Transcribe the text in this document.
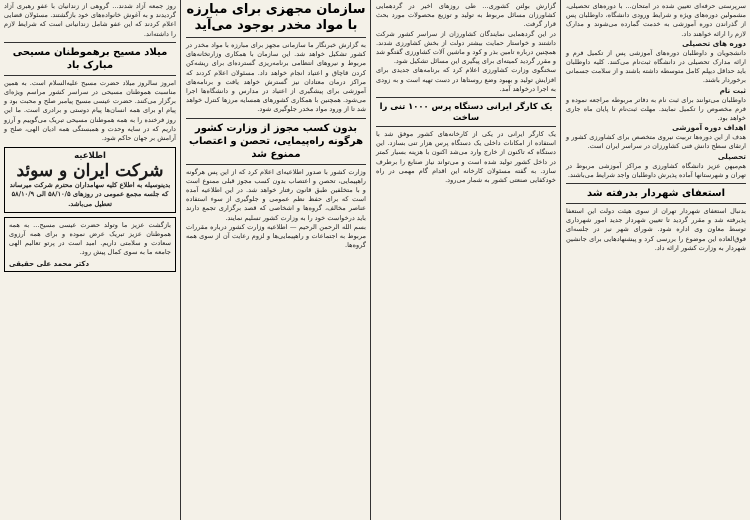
سرپرستی حرفه‌ای تعیین شده در امتحان... با دوره‌های تحصیلی، مشمولین دوره‌های ویژه و شرایط ورودی دانشگاه، داوطلبان پس از گذراندن دوره آموزشی به خدمت گمارده می‌شوند و مدارک لازم را ارائه خواهند داد.
دوره های تحصیلی
دانشجویان و داوطلبان دوره‌های آموزشی پس از تکمیل فرم و ارائه مدارک تحصیلی در دانشگاه ثبت‌نام می‌کنند. کلیه داوطلبان باید حداقل دیپلم کامل متوسطه داشته باشند و از سلامت جسمانی برخوردار باشند.
ثبت نام
داوطلبان می‌توانند برای ثبت نام به دفاتر مربوطه مراجعه نموده و فرم مخصوص را تکمیل نمایند. مهلت ثبت‌نام تا پایان ماه جاری خواهد بود.
اهداف دوره آموزشی
هدف از این دوره‌ها تربیت نیروی متخصص برای کشاورزی کشور و ارتقای سطح دانش فنی کشاورزان در سراسر ایران است.
تحصیلی
هم‌میهن عزیز دانشگاه کشاورزی و مراکز آموزشی مربوط در تهران و شهرستانها آماده پذیرش داوطلبان واجد شرایط می‌باشند.
استعفای شهردار بدرفته شد
بدنبال استعفای شهردار تهران از سوی هیئت دولت این استعفا پذیرفته شد و مقرر گردید تا تعیین شهردار جدید امور شهرداری توسط معاون وی اداره شود. شورای شهر نیز در جلسه‌ای فوق‌العاده این موضوع را بررسی کرد و پیشنهادهایی برای جانشین شهردار به وزارت کشور ارائه داد.
گزارش بولتن کشوری... طی روزهای اخیر در گردهمایی کشاورزان مسائل مربوط به تولید و توزیع محصولات مورد بحث قرار گرفت.
در این گردهمایی نمایندگان کشاورزان از سراسر کشور شرکت داشتند و خواستار حمایت بیشتر دولت از بخش کشاورزی شدند. همچنین درباره تامین بذر و کود و ماشین آلات کشاورزی گفتگو شد و مقرر گردید کمیته‌ای برای پیگیری این مسائل تشکیل شود.
سخنگوی وزارت کشاورزی اعلام کرد که برنامه‌های جدیدی برای افزایش تولید و بهبود وضع روستاها در دست تهیه است و به زودی به اجرا درخواهد آمد.
یک کارگر ایرانی دستگاه پرس ۱۰۰۰ تنی را ساخت
یک کارگر ایرانی در یکی از کارخانه‌های کشور موفق شد با استفاده از امکانات داخلی یک دستگاه پرس هزار تنی بسازد. این دستگاه که تاکنون از خارج وارد می‌شد اکنون با هزینه بسیار کمتر در داخل کشور تولید شده است و می‌تواند نیاز صنایع را برطرف سازد. به گفته مسئولان کارخانه این اقدام گام مهمی در راه خودکفایی صنعتی کشور به شمار می‌رود.
سازمان مجهزی برای مبارزه با مواد مخدر بوجود می‌آید
به گزارش خبرنگار ما سازمانی مجهز برای مبارزه با مواد مخدر در کشور تشکیل خواهد شد. این سازمان با همکاری وزارتخانه‌های مربوط و نیروهای انتظامی برنامه‌ریزی گسترده‌ای برای ریشه‌کن کردن قاچاق و اعتیاد انجام خواهد داد. مسئولان اعلام کردند که مراکز درمان معتادان نیز گسترش خواهد یافت و برنامه‌های آموزشی برای پیشگیری از اعتیاد در مدارس و دانشگاه‌ها اجرا می‌شود. همچنین با همکاری کشورهای همسایه مرزها کنترل خواهد شد تا از ورود مواد مخدر جلوگیری شود.
بدون کسب مجوز از وزارت کشور هرگونه راه‌پیمایی، تحصن و اعتصاب ممنوع شد
وزارت کشور با صدور اطلاعیه‌ای اعلام کرد که از این پس هرگونه راهپیمایی، تحصن و اعتصاب بدون کسب مجوز قبلی ممنوع است و با متخلفین طبق قانون رفتار خواهد شد. در این اطلاعیه آمده است که برای حفظ نظم عمومی و جلوگیری از سوء استفاده عناصر مخالف، گروه‌ها و اشخاصی که قصد برگزاری تجمع دارند باید درخواست خود را به وزارت کشور تسلیم نمایند.
بسم الله الرحمن الرحیم — اطلاعیه وزارت کشور درباره مقررات مربوط به اجتماعات و راهپیمایی‌ها و لزوم رعایت آن از سوی همه گروه‌ها.
روز جمعه آزاد شدند... گروهی از زندانیان با عفو رهبری آزاد گردیدند و به آغوش خانواده‌های خود بازگشتند. مسئولان قضایی اعلام کردند که این عفو شامل زندانیانی است که شرایط لازم را داشته‌اند.
میلاد مسیح برهموطنان مسیحی مبارک باد
امروز سالروز میلاد حضرت مسیح علیه‌السلام است. به همین مناسبت هموطنان مسیحی در سراسر کشور مراسم ویژه‌ای برگزار می‌کنند. حضرت عیسی مسیح پیامبر صلح و محبت بود و پیام او برای همه انسان‌ها پیام دوستی و برادری است. ما این روز فرخنده را به همه هموطنان مسیحی تبریک می‌گوییم و آرزو داریم که در سایه وحدت و همبستگی همه ادیان الهی، صلح و آرامش بر جهان حاکم شود.
اطلاعیه
شرکت ایران و سوئد
بدینوسیله به اطلاع کلیه سهامداران محترم شرکت میرساند که جلسه مجمع عمومی در روزهای ۵۸/۱۰/۵ الی ۵۸/۱۰/۹ تعطیل می‌باشد.
بازگشت عزیز ما وتولد حضرت عیسی مسیح... به همه هموطنان عزیز تبریک عرض نموده و برای همه آرزوی سعادت و سلامتی داریم. امید است در پرتو تعالیم الهی جامعه ما به سوی کمال پیش رود.
دکتر محمد علی حقیقی
